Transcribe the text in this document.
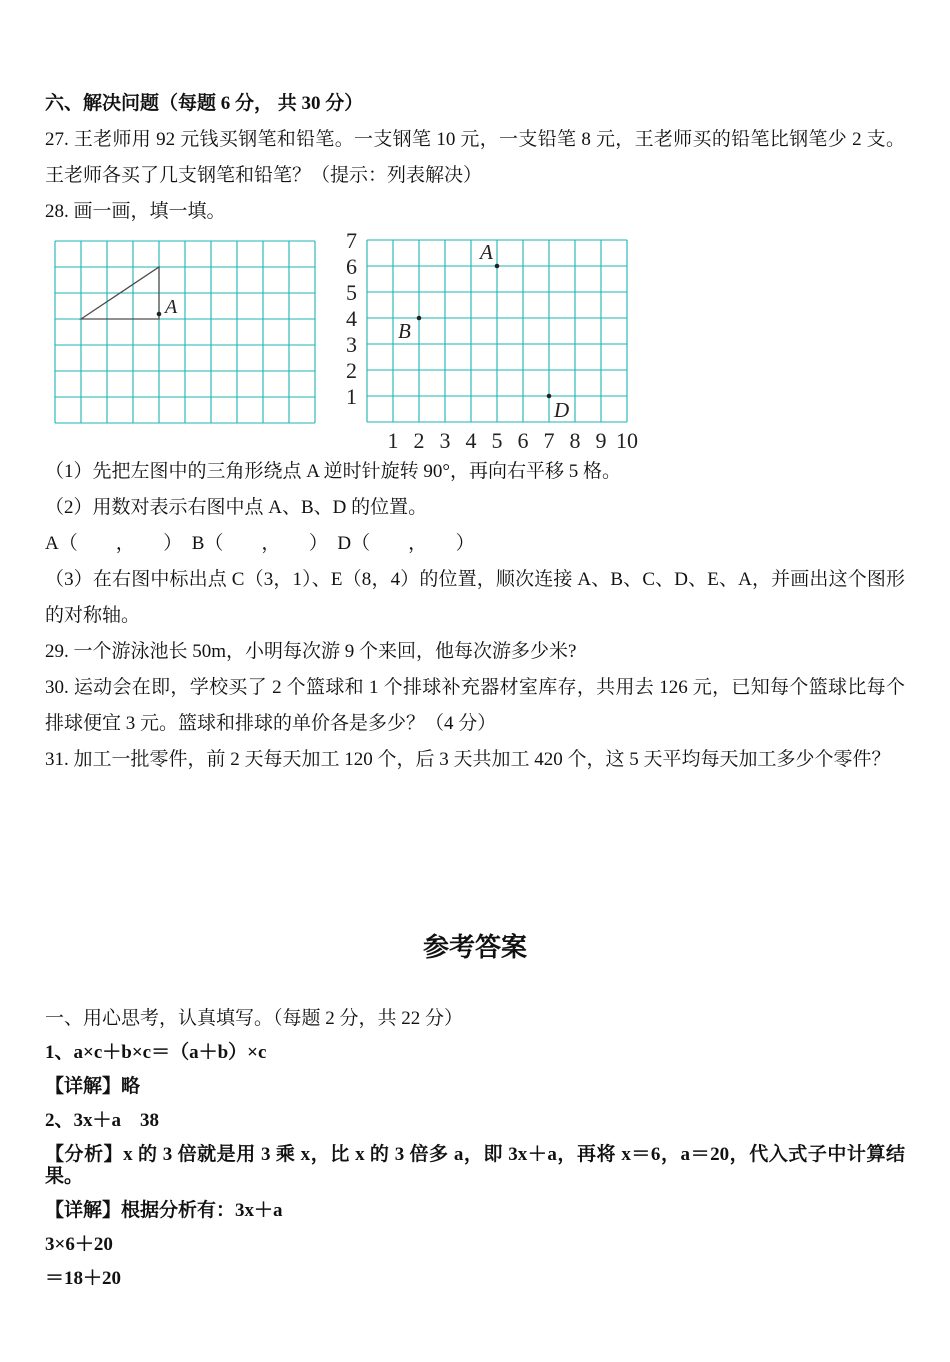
六、解决问题（每题 6 分， 共 30 分）

27. 王老师用 92 元钱买钢笔和铅笔。一支钢笔 10 元，一支铅笔 8 元，王老师买的铅笔比钢笔少 2 支。王老师各买了几支钢笔和铅笔？（提示：列表解决）

28. 画一画，填一填。

A
7
6
5
4
3
2
1
1 2 3 4 5 6 7 8 9 10
A
B
D

（1）先把左图中的三角形绕点 A 逆时针旋转 90°，再向右平移 5 格。

（2）用数对表示右图中点 A、B、D 的位置。

A（　　，　　）  B（　　，　　）  D（　　，　　）

（3）在右图中标出点 C（3，1）、E（8，4）的位置，顺次连接 A、B、C、D、E、A，并画出这个图形的对称轴。

29. 一个游泳池长 50m，小明每次游 9 个来回，他每次游多少米?

30. 运动会在即，学校买了 2 个篮球和 1 个排球补充器材室库存，共用去 126 元，已知每个篮球比每个排球便宜 3 元。篮球和排球的单价各是多少？（4 分）

31. 加工一批零件，前 2 天每天加工 120 个，后 3 天共加工 420 个，这 5 天平均每天加工多少个零件？

参考答案

一、用心思考，认真填写。（每题 2 分，共 22 分）

1、a×c＋b×c＝（a＋b）×c

【详解】略

2、3x＋a　38

【分析】x 的 3 倍就是用 3 乘 x，比 x 的 3 倍多 a，即 3x＋a，再将 x＝6，a＝20，代入式子中计算结果。

【详解】根据分析有：3x＋a

3×6＋20

＝18＋20
